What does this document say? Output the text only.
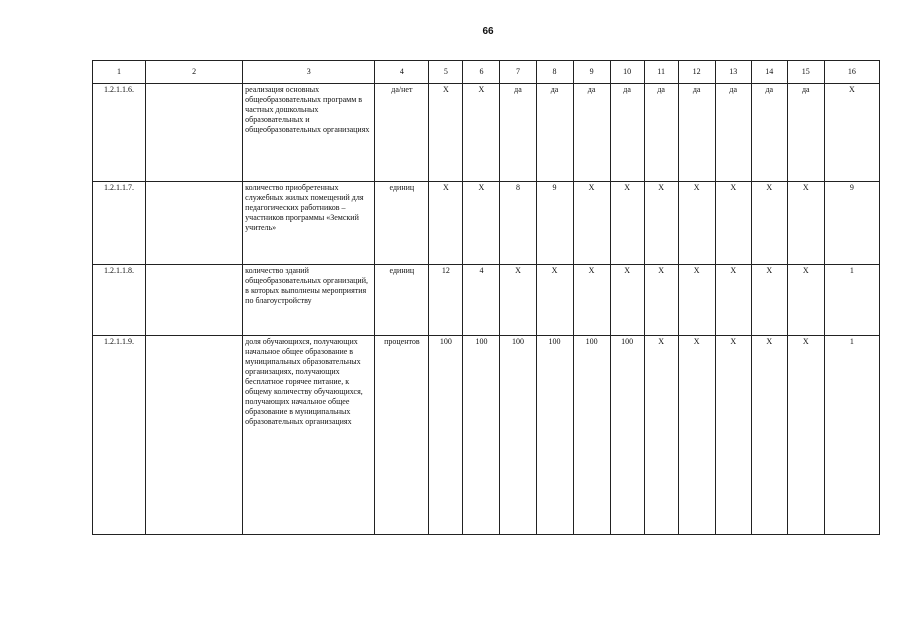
66
1	2	3	4	5	6	7	8	9	10	11	12	13	14	15	16
1.2.1.1.6.		реализация основных общеобразовательных программ в частных дошкольных образовательных и общеобразовательных организациях	да/нет	Х	Х	да	да	да	да	да	да	да	да	да	Х
1.2.1.1.7.		количество приобретенных служебных жилых помещений для педагогических работников – участников программы «Земский учитель»	единиц	Х	Х	8	9	Х	Х	Х	Х	Х	Х	Х	9
1.2.1.1.8.		количество зданий общеобразовательных организаций, в которых выполнены мероприятия по благоустройству	единиц	12	4	Х	Х	Х	Х	Х	Х	Х	Х	Х	1
1.2.1.1.9.		доля обучающихся, получающих начальное общее образование в муниципальных образовательных организациях, получающих бесплатное горячее питание, к общему количеству обучающихся, получающих начальное общее образование в муниципальных образовательных организациях	процентов	100	100	100	100	100	100	Х	Х	Х	Х	Х	1
